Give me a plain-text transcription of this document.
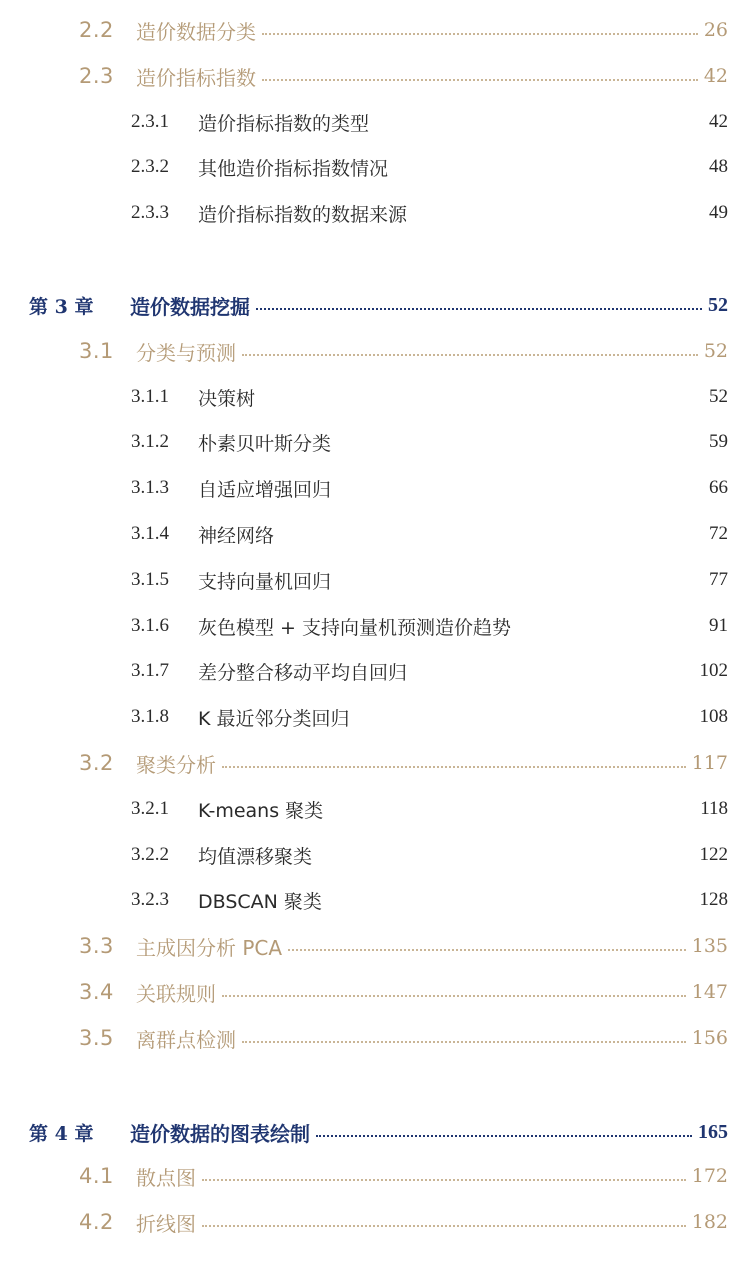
2.2 造价数据分类	26
2.3 造价指标指数	42
2.3.1 造价指标指数的类型	42
2.3.2 其他造价指标指数情况	48
2.3.3 造价指标指数的数据来源	49
第 3 章 造价数据挖掘	52
3.1 分类与预测	52
3.1.1 决策树	52
3.1.2 朴素贝叶斯分类	59
3.1.3 自适应增强回归	66
3.1.4 神经网络	72
3.1.5 支持向量机回归	77
3.1.6 灰色模型 + 支持向量机预测造价趋势	91
3.1.7 差分整合移动平均自回归	102
3.1.8 K 最近邻分类回归	108
3.2 聚类分析	117
3.2.1 K-means 聚类	118
3.2.2 均值漂移聚类	122
3.2.3 DBSCAN 聚类	128
3.3 主成因分析 PCA	135
3.4 关联规则	147
3.5 离群点检测	156
第 4 章 造价数据的图表绘制	165
4.1 散点图	172
4.2 折线图	182
